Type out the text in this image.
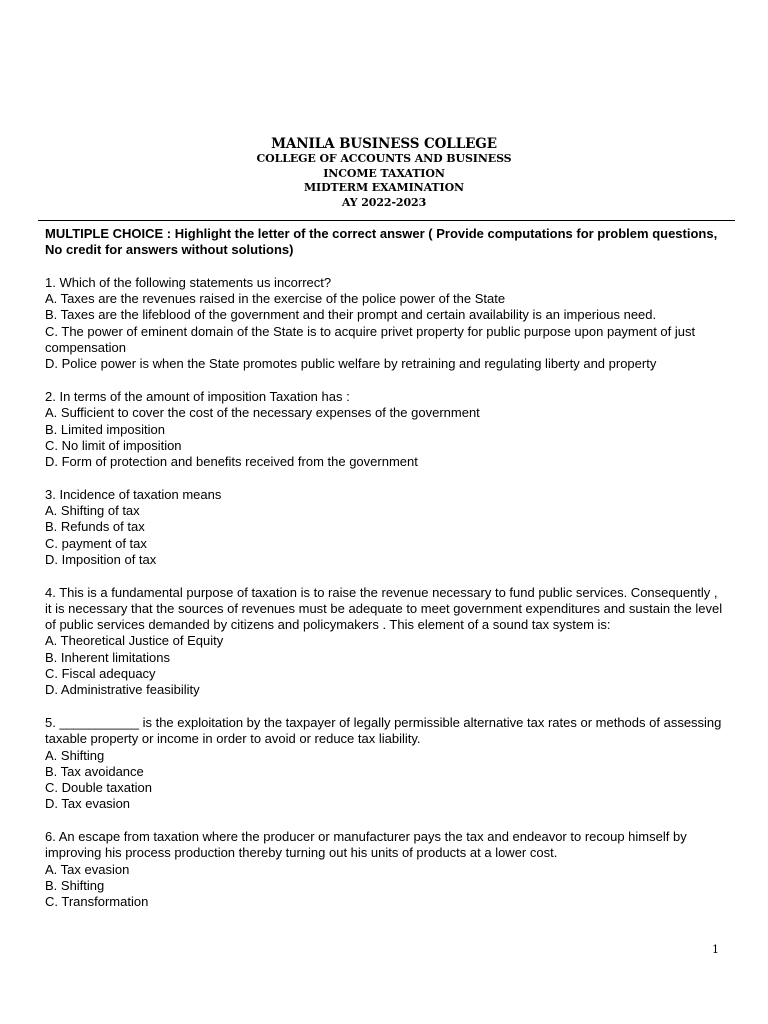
MANILA BUSINESS COLLEGE
COLLEGE OF ACCOUNTS AND BUSINESS
INCOME TAXATION
MIDTERM EXAMINATION
AY 2022-2023
MULTIPLE CHOICE : Highlight the letter of the correct answer ( Provide computations for problem questions, No credit for answers without solutions)
1. Which of the following statements us incorrect?
A. Taxes are the revenues raised in the exercise of the police power of the State
B. Taxes are the lifeblood of the government and their prompt and certain availability is an imperious need.
C. The power of eminent domain of the State is to acquire privet property for public purpose upon payment of just compensation
D. Police power is when the State promotes public welfare by retraining and regulating liberty and property
2. In terms of the amount of imposition Taxation has :
A. Sufficient to cover the cost of the necessary expenses of the government
B. Limited imposition
C. No limit of imposition
D. Form of protection and benefits received from the government
3. Incidence of taxation means
A. Shifting of tax
B. Refunds of tax
C. payment of tax
D. Imposition of tax
4. This is a fundamental purpose of taxation is to raise the revenue necessary to fund public services. Consequently , it is necessary that the sources of revenues must be adequate to meet government expenditures and sustain the level of public services demanded by citizens and policymakers . This element of a sound tax system is:
A. Theoretical Justice of Equity
B. Inherent limitations
C. Fiscal adequacy
D. Administrative feasibility
5. ___________ is the exploitation by the taxpayer of legally permissible alternative tax rates or methods of assessing taxable property or income in order to avoid or reduce tax liability.
A. Shifting
B. Tax avoidance
C. Double taxation
D. Tax evasion
6. An escape from taxation where the producer or manufacturer pays the tax and endeavor to recoup himself by improving his process production thereby turning out his units of products at a lower cost.
A. Tax evasion
B. Shifting
C. Transformation
1
